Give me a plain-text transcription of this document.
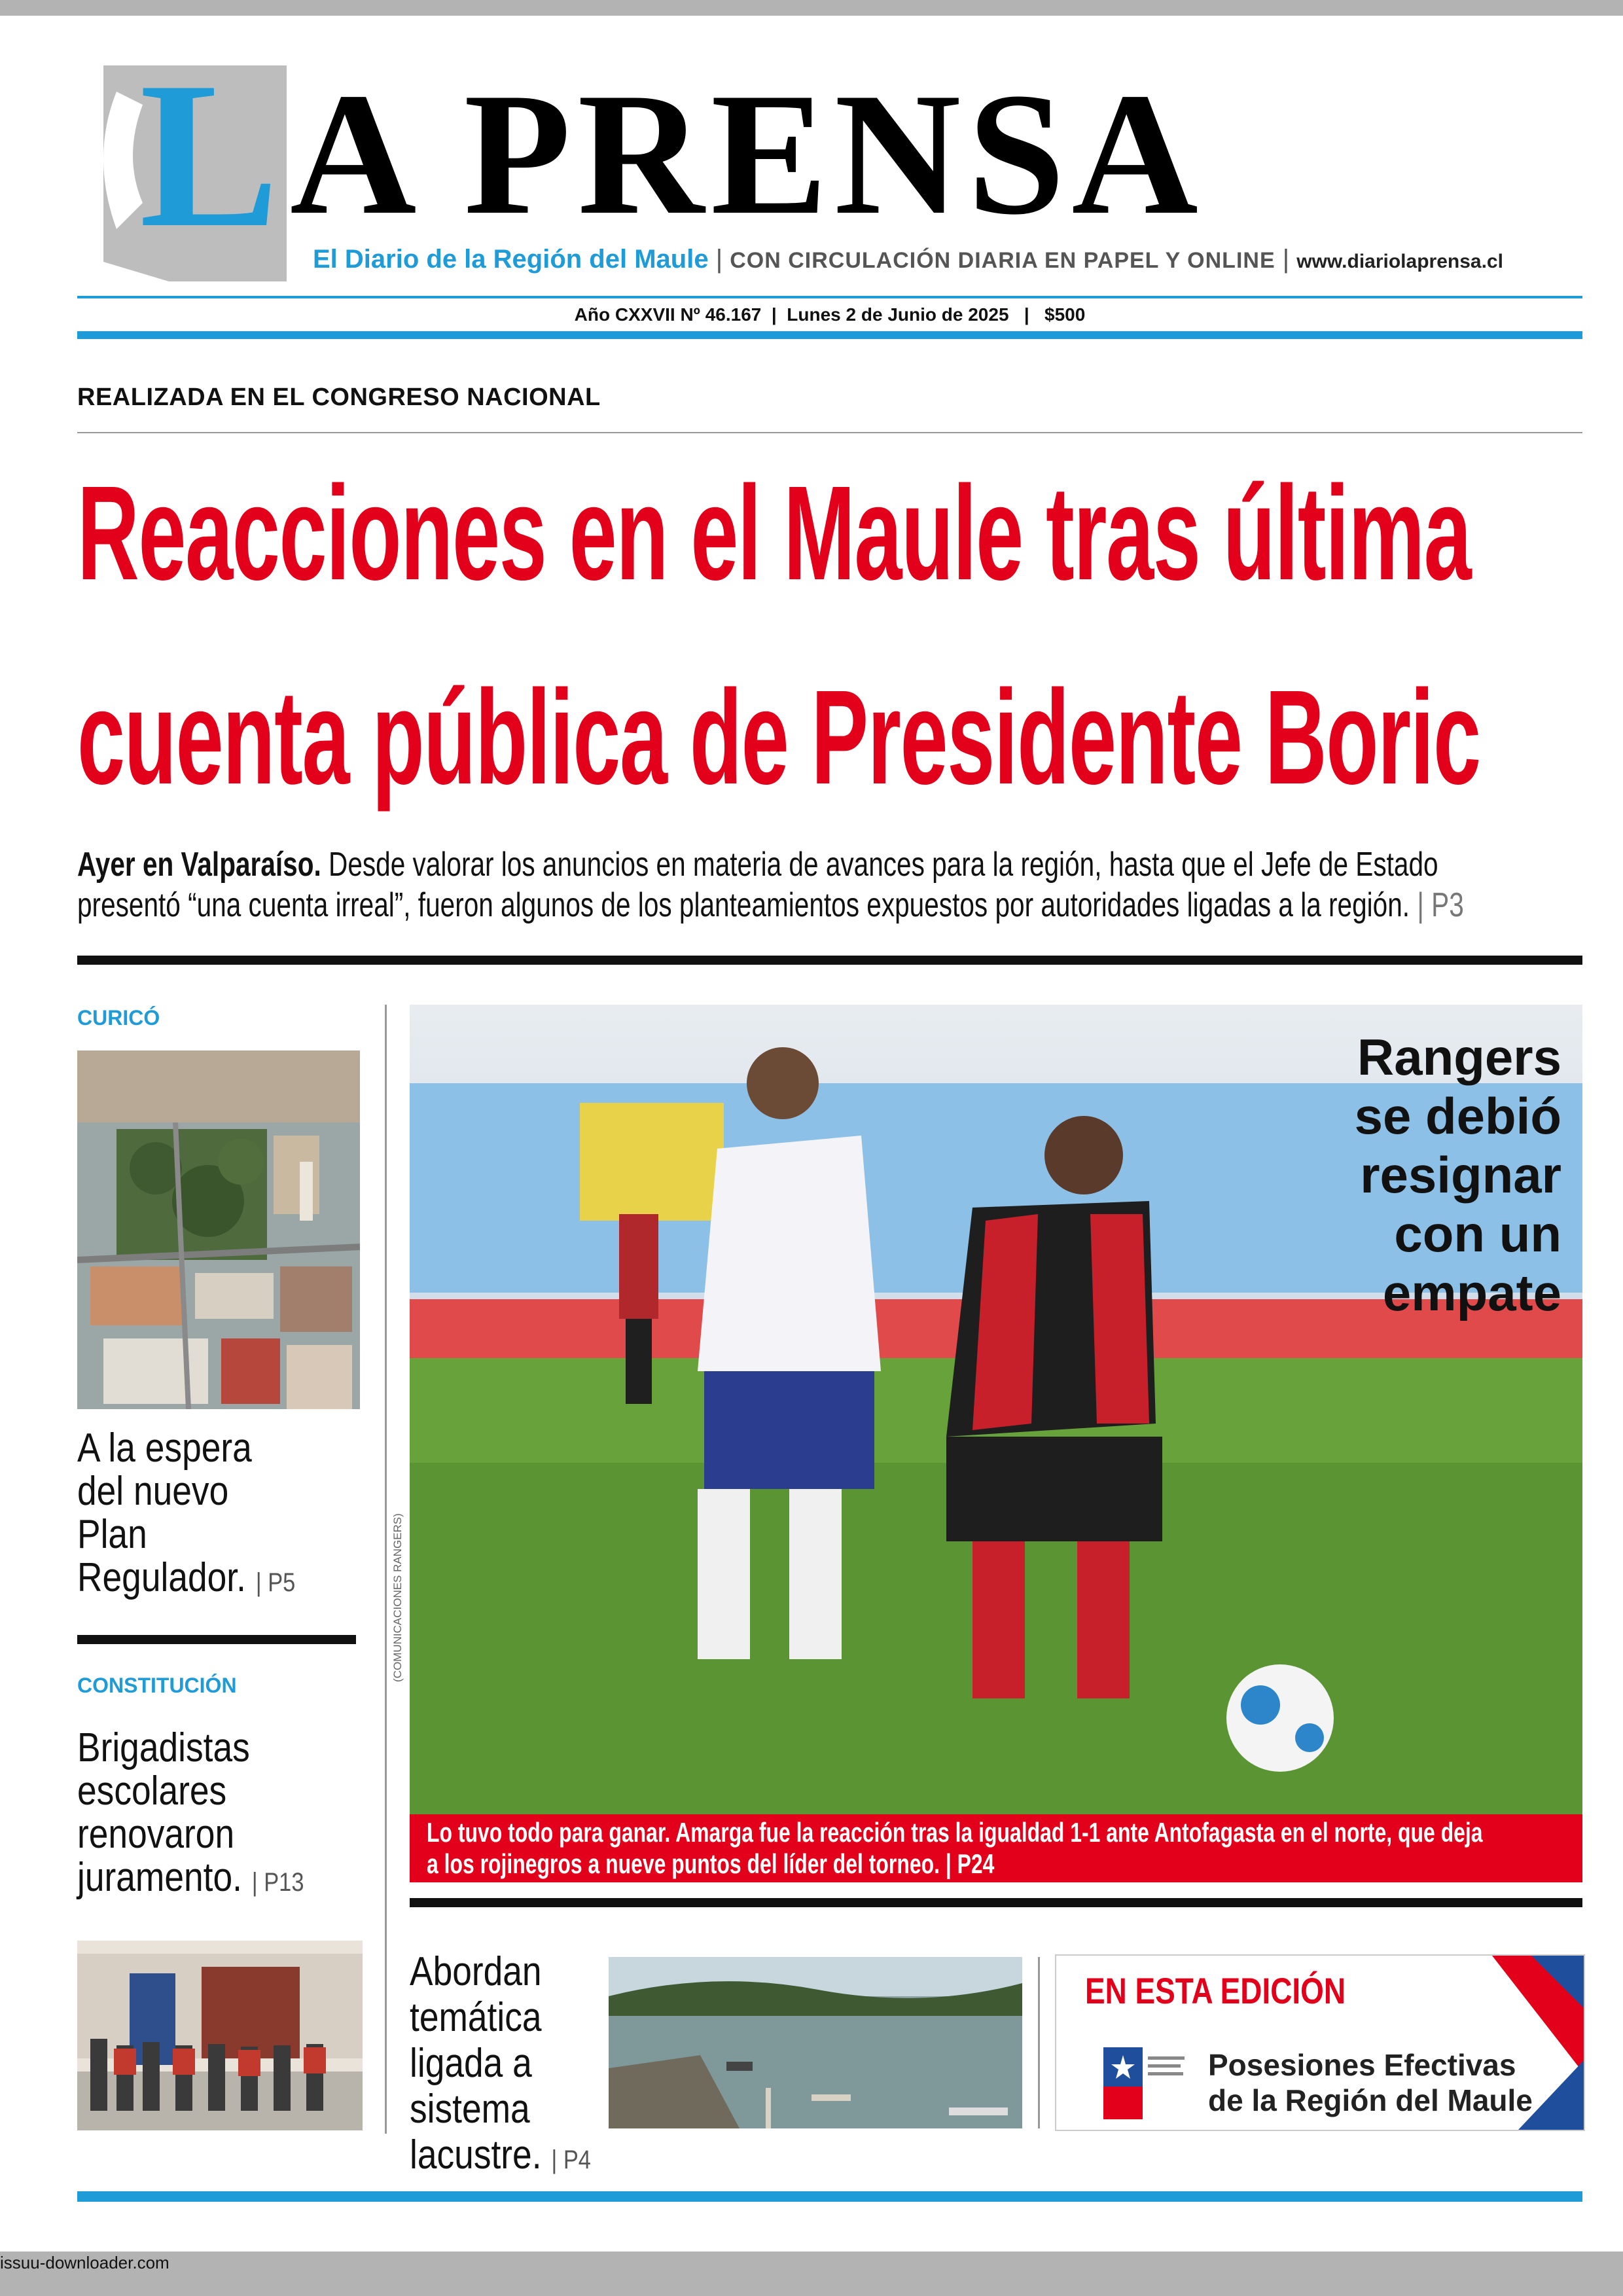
L A PRENSA
El Diario de la Región del Maule | CON CIRCULACIÓN DIARIA EN PAPEL Y ONLINE | www.diariolaprensa.cl
Año CXXVII Nº 46.167  |  Lunes 2 de Junio de 2025   |   $500
REALIZADA EN EL CONGRESO NACIONAL
Reacciones en el Maule tras última
cuenta pública de Presidente Boric
Ayer en Valparaíso. Desde valorar los anuncios en materia de avances para la región, hasta que el Jefe de Estado
presentó “una cuenta irreal”, fueron algunos de los planteamientos expuestos por autoridades ligadas a la región. | P3
CURICÓ
A la espera
del nuevo
Plan
Regulador. | P5
CONSTITUCIÓN
Brigadistas
escolares
renovaron
juramento. | P13
Rangers
se debió
resignar
con un
empate
(COMUNICACIONES RANGERS)
Lo tuvo todo para ganar. Amarga fue la reacción tras la igualdad 1-1 ante Antofagasta en el norte, que deja
a los rojinegros a nueve puntos del líder del torneo. | P24
Abordan
temática
ligada a
sistema
lacustre. | P4
EN ESTA EDICIÓN
Posesiones Efectivas
de la Región del Maule
issuu-downloader.com
